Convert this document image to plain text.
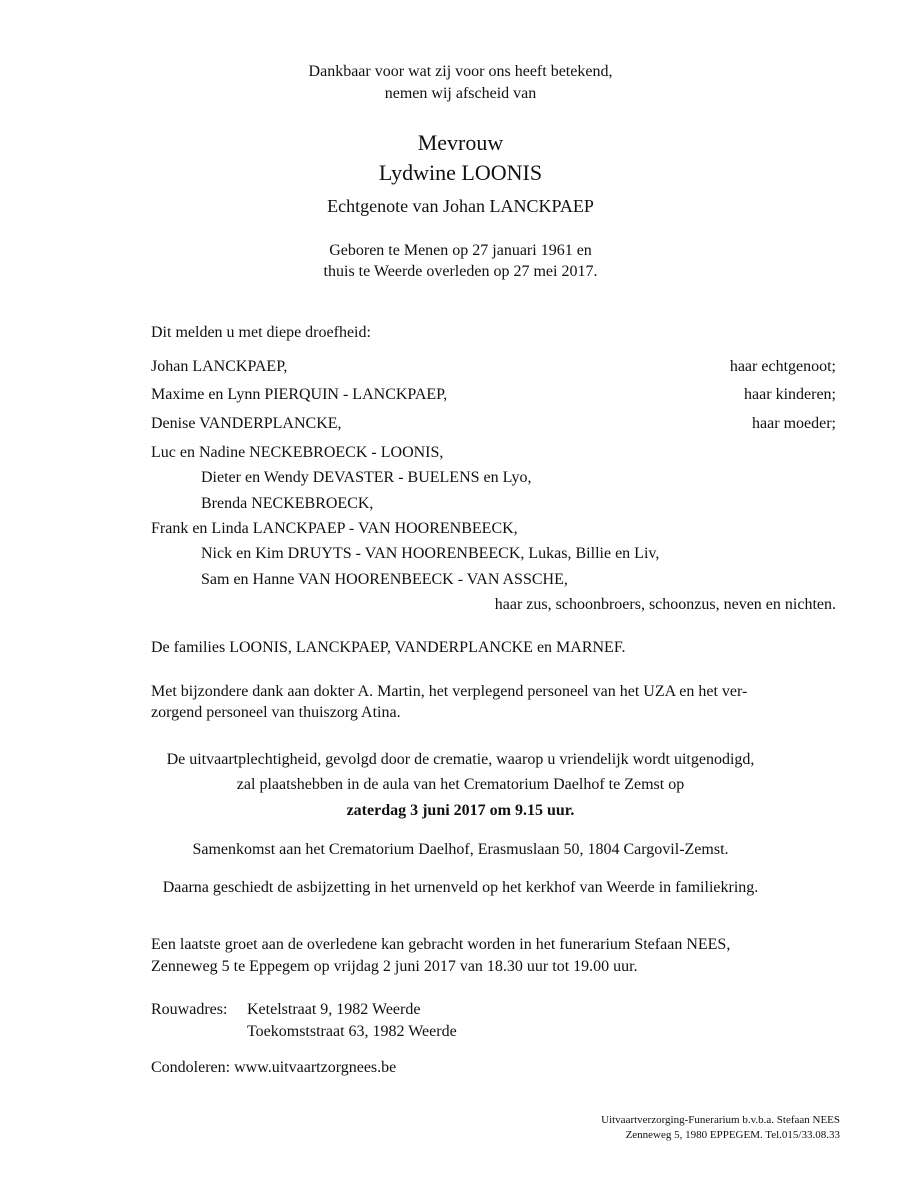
Dankbaar voor wat zij voor ons heeft betekend,
nemen wij afscheid van
Mevrouw
Lydwine LOONIS
Echtgenote van Johan LANCKPAEP
Geboren te Menen op 27 januari 1961 en
thuis te Weerde overleden op 27 mei 2017.
Dit melden u met diepe droefheid:
Johan LANCKPAEP,	haar echtgenoot;
Maxime en Lynn PIERQUIN - LANCKPAEP,	haar kinderen;
Denise VANDERPLANCKE,	haar moeder;
Luc en Nadine NECKEBROECK - LOONIS,
Dieter en Wendy DEVASTER - BUELENS en Lyo,
Brenda NECKEBROECK,
Frank en Linda LANCKPAEP - VAN HOORENBEECK,
Nick en Kim DRUYTS - VAN HOORENBEECK, Lukas, Billie en Liv,
Sam en Hanne VAN HOORENBEECK - VAN ASSCHE,
haar zus, schoonbroers, schoonzus, neven en nichten.
De families LOONIS, LANCKPAEP, VANDERPLANCKE en MARNEF.
Met bijzondere dank aan dokter A. Martin, het verplegend personeel van het UZA en het ver-
zorgend personeel van thuiszorg Atina.
De uitvaartplechtigheid, gevolgd door de crematie, waarop u vriendelijk wordt uitgenodigd,
zal plaatshebben in de aula van het Crematorium Daelhof te Zemst op
zaterdag 3 juni 2017 om 9.15 uur.
Samenkomst aan het Crematorium Daelhof, Erasmuslaan 50, 1804 Cargovil-Zemst.
Daarna geschiedt de asbijzetting in het urnenveld op het kerkhof van Weerde in familiekring.
Een laatste groet aan de overledene kan gebracht worden in het funerarium Stefaan NEES,
Zenneweg 5 te Eppegem op vrijdag 2 juni 2017 van 18.30 uur tot 19.00 uur.
Rouwadres: Ketelstraat 9, 1982 Weerde
Toekomststraat 63, 1982 Weerde
Condoleren: www.uitvaartzorgnees.be
Uitvaartverzorging-Funerarium b.v.b.a. Stefaan NEES
Zenneweg 5, 1980 EPPEGEM. Tel.015/33.08.33
